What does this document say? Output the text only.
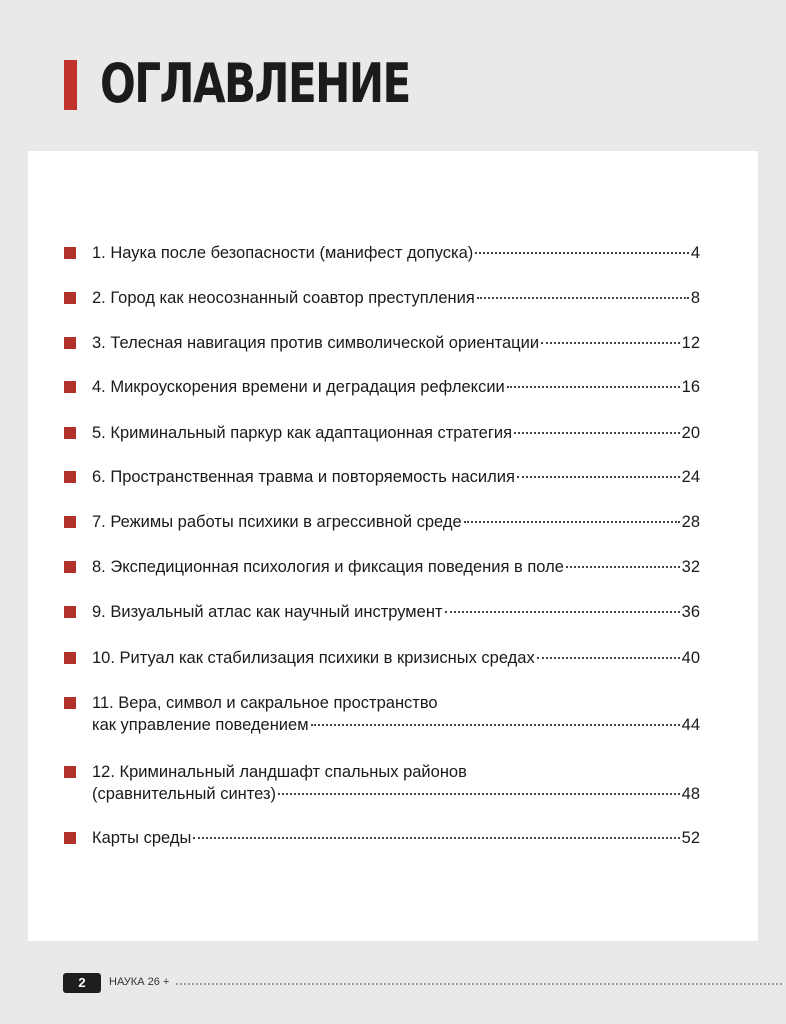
ОГЛАВЛЕНИЕ
1. Наука после безопасности (манифест допуска)	4
2. Город как неосознанный соавтор преступления	8
3. Телесная навигация против символической ориентации	12
4. Микроускорения времени и деградация рефлексии	16
5. Криминальный паркур как адаптационная стратегия	20
6. Пространственная травма и повторяемость насилия	24
7. Режимы работы психики в агрессивной среде	28
8. Экспедиционная психология и фиксация поведения в поле	32
9. Визуальный атлас как научный инструмент	36
10. Ритуал как стабилизация психики в кризисных средах	40
11. Вера, символ и сакральное пространство
как управление поведением	44
12. Криминальный ландшафт спальных районов
(сравнительный синтез)	48
Карты среды	52
2	НАУКА 26 +
